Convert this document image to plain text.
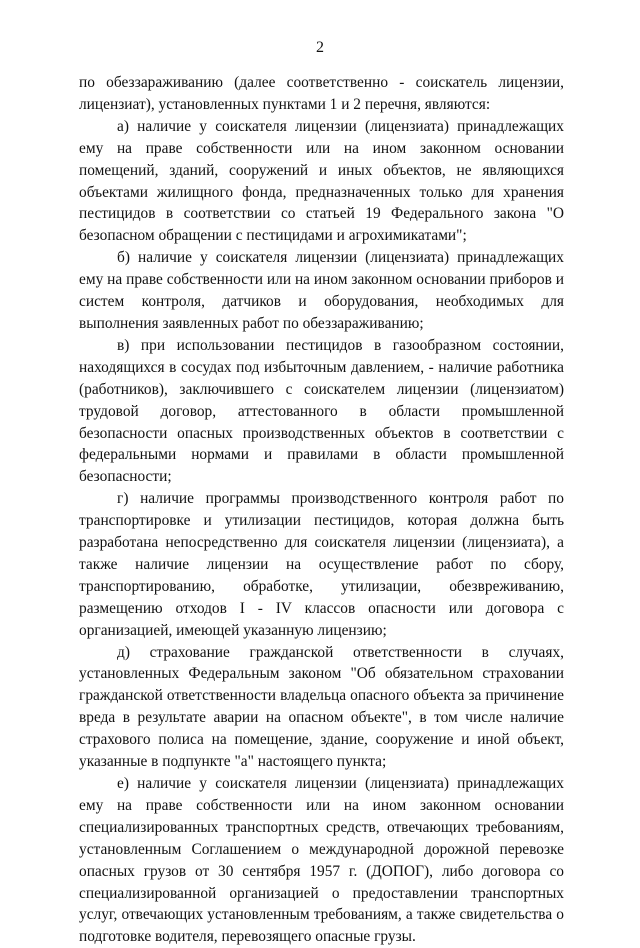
2

по обеззараживанию (далее соответственно - соискатель лицензии, лицензиат), установленных пунктами 1 и 2 перечня, являются:

а) наличие у соискателя лицензии (лицензиата) принадлежащих ему на праве собственности или на ином законном основании помещений, зданий, сооружений и иных объектов, не являющихся объектами жилищного фонда, предназначенных только для хранения пестицидов в соответствии со статьей 19 Федерального закона "О безопасном обращении с пестицидами и агрохимикатами";

б) наличие у соискателя лицензии (лицензиата) принадлежащих ему на праве собственности или на ином законном основании приборов и систем контроля, датчиков и оборудования, необходимых для выполнения заявленных работ по обеззараживанию;

в) при использовании пестицидов в газообразном состоянии, находящихся в сосудах под избыточным давлением, - наличие работника (работников), заключившего с соискателем лицензии (лицензиатом) трудовой договор, аттестованного в области промышленной безопасности опасных производственных объектов в соответствии с федеральными нормами и правилами в области промышленной безопасности;

г) наличие программы производственного контроля работ по транспортировке и утилизации пестицидов, которая должна быть разработана непосредственно для соискателя лицензии (лицензиата), а также наличие лицензии на осуществление работ по сбору, транспортированию, обработке, утилизации, обезвреживанию, размещению отходов I - IV классов опасности или договора с организацией, имеющей указанную лицензию;

д) страхование гражданской ответственности в случаях, установленных Федеральным законом "Об обязательном страховании гражданской ответственности владельца опасного объекта за причинение вреда в результате аварии на опасном объекте", в том числе наличие страхового полиса на помещение, здание, сооружение и иной объект, указанные в подпункте "а" настоящего пункта;

е) наличие у соискателя лицензии (лицензиата) принадлежащих ему на праве собственности или на ином законном основании специализированных транспортных средств, отвечающих требованиям, установленным Соглашением о международной дорожной перевозке опасных грузов от 30 сентября 1957 г. (ДОПОГ), либо договора со специализированной организацией о предоставлении транспортных услуг, отвечающих установленным требованиям, а также свидетельства о подготовке водителя, перевозящего опасные грузы.
